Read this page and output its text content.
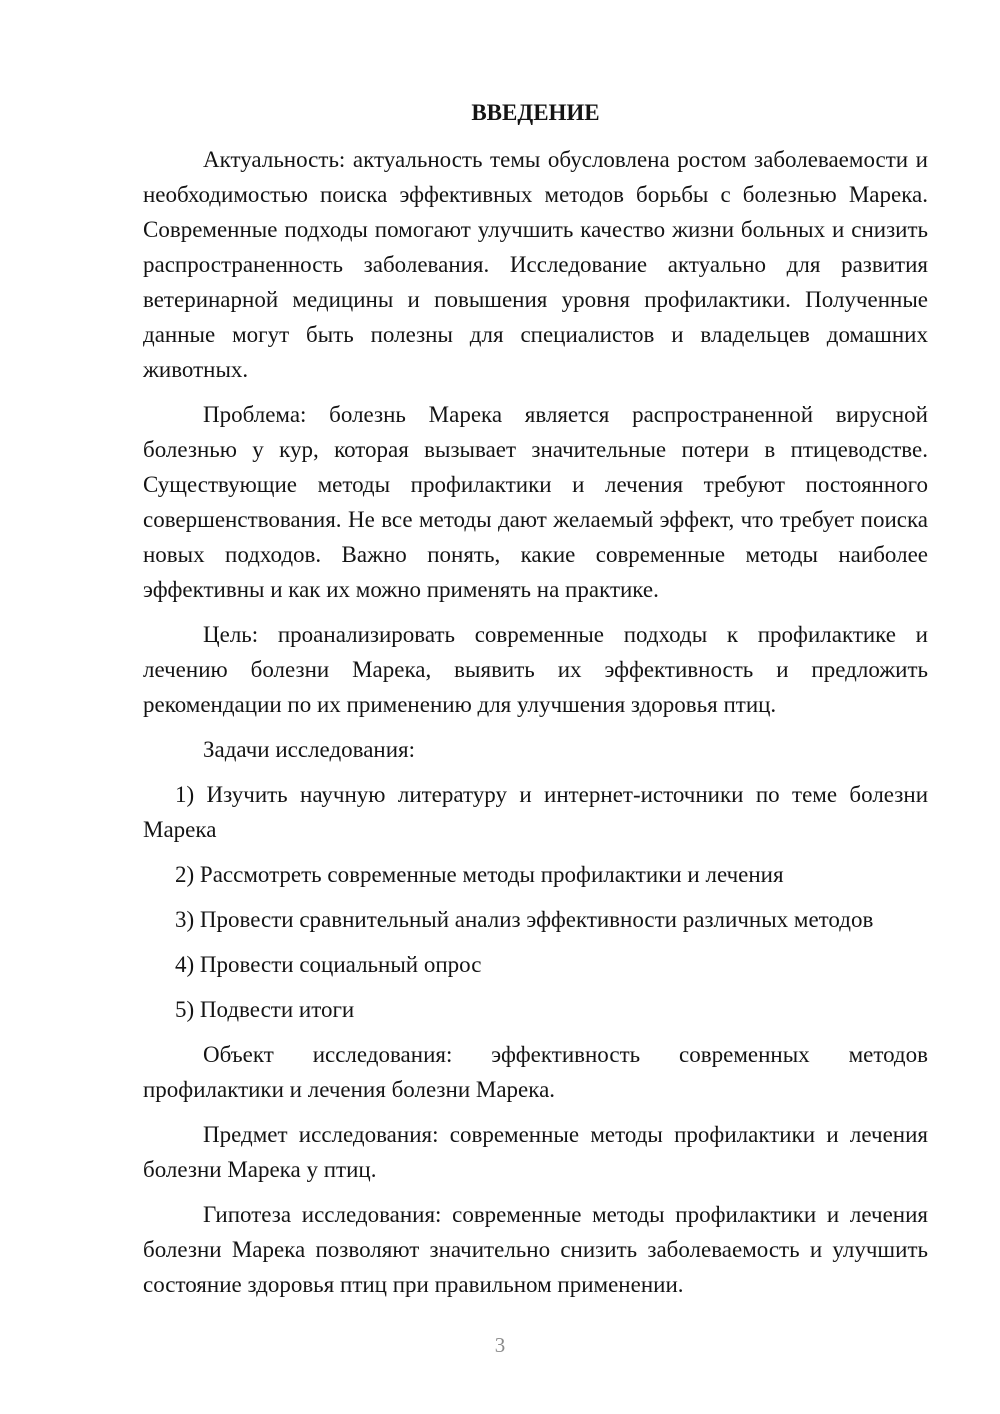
ВВЕДЕНИЕ

Актуальность: актуальность темы обусловлена ростом заболеваемости и необходимостью поиска эффективных методов борьбы с болезнью Марека. Современные подходы помогают улучшить качество жизни больных и снизить распространенность заболевания. Исследование актуально для развития ветеринарной медицины и повышения уровня профилактики. Полученные данные могут быть полезны для специалистов и владельцев домашних животных.

Проблема: болезнь Марека является распространенной вирусной болезнью у кур, которая вызывает значительные потери в птицеводстве. Существующие методы профилактики и лечения требуют постоянного совершенствования. Не все методы дают желаемый эффект, что требует поиска новых подходов. Важно понять, какие современные методы наиболее эффективны и как их можно применять на практике.

Цель: проанализировать современные подходы к профилактике и лечению болезни Марека, выявить их эффективность и предложить рекомендации по их применению для улучшения здоровья птиц.

Задачи исследования:

1) Изучить научную литературу и интернет-источники по теме болезни Марека

2) Рассмотреть современные методы профилактики и лечения

3) Провести сравнительный анализ эффективности различных методов

4) Провести социальный опрос

5) Подвести итоги

Объект исследования: эффективность современных методов профилактики и лечения болезни Марека.

Предмет исследования: современные методы профилактики и лечения болезни Марека у птиц.

Гипотеза исследования: современные методы профилактики и лечения болезни Марека позволяют значительно снизить заболеваемость и улучшить состояние здоровья птиц при правильном применении.

3
